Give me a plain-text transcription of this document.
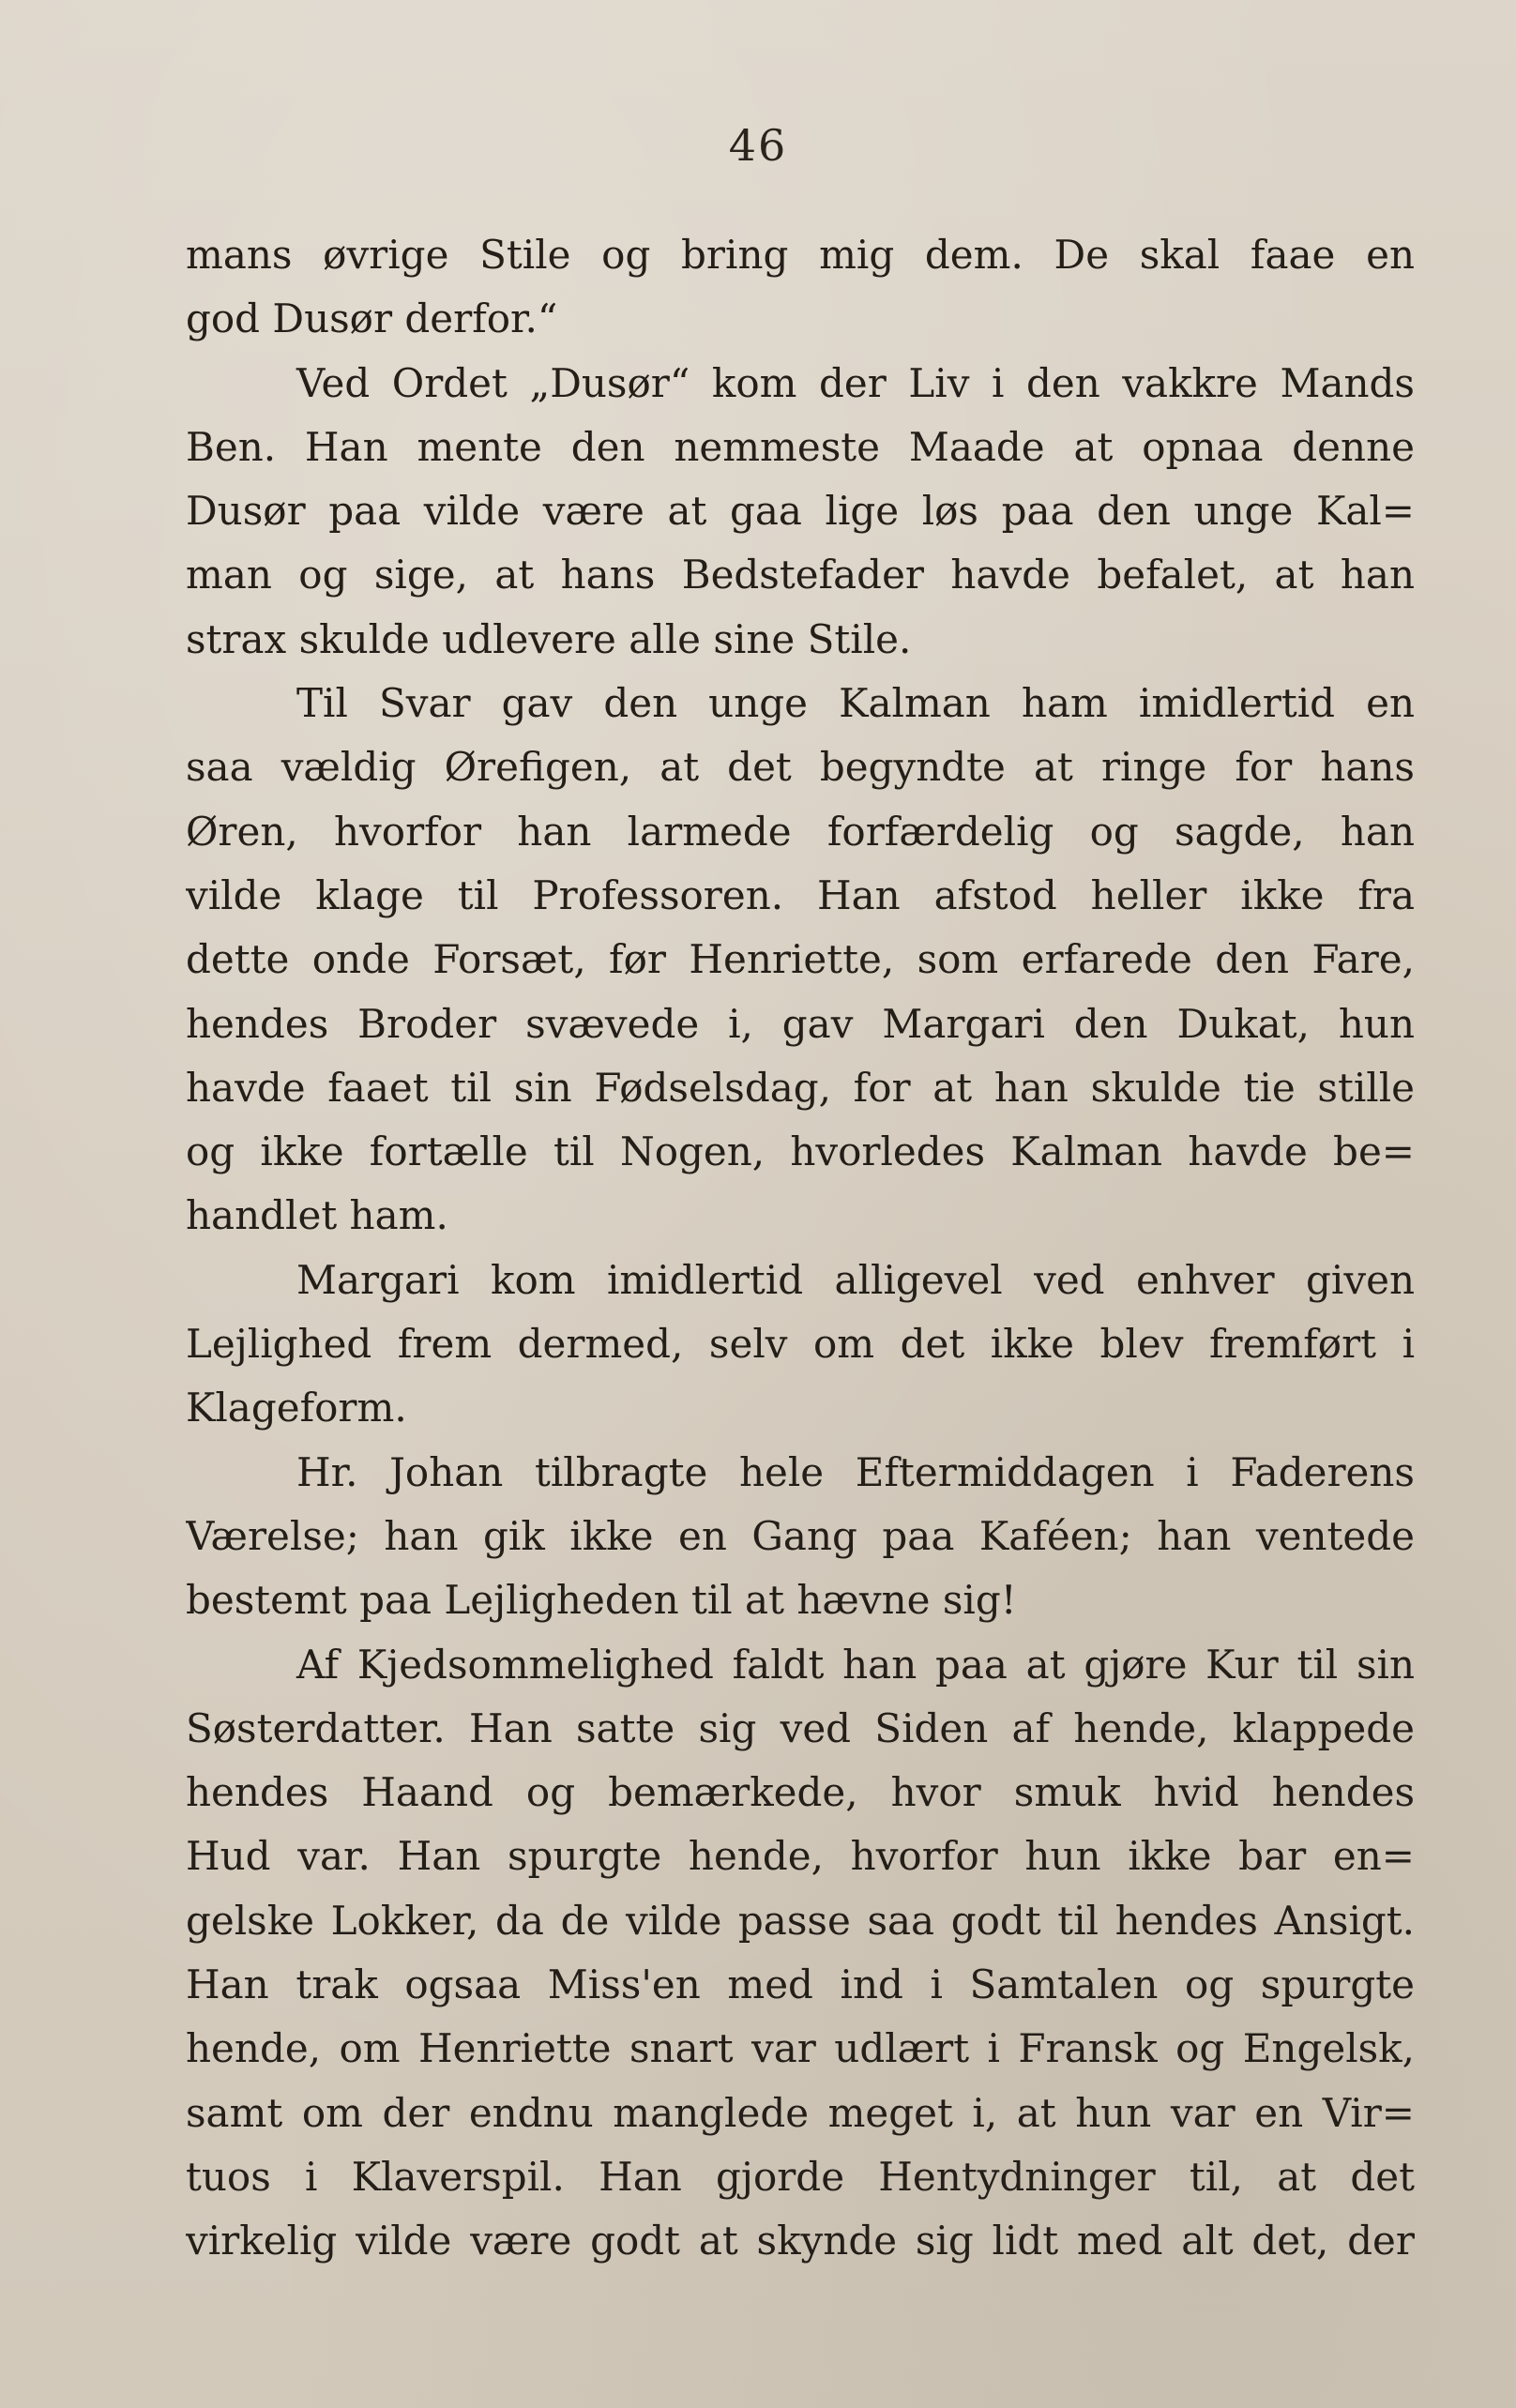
46
mans øvrige Stile og bring mig dem. De skal faae en
god Dusør derfor.“
Ved Ordet „Dusør“ kom der Liv i den vakkre Mands
Ben. Han mente den nemmeste Maade at opnaa denne
Dusør paa vilde være at gaa lige løs paa den unge Kal=
man og sige, at hans Bedstefader havde befalet, at han
strax skulde udlevere alle sine Stile.
Til Svar gav den unge Kalman ham imidlertid en
saa vældig Ørefigen, at det begyndte at ringe for hans
Øren, hvorfor han larmede forfærdelig og sagde, han
vilde klage til Professoren. Han afstod heller ikke fra
dette onde Forsæt, før Henriette, som erfarede den Fare,
hendes Broder svævede i, gav Margari den Dukat, hun
havde faaet til sin Fødselsdag, for at han skulde tie stille
og ikke fortælle til Nogen, hvorledes Kalman havde be=
handlet ham.
Margari kom imidlertid alligevel ved enhver given
Lejlighed frem dermed, selv om det ikke blev fremført i
Klageform.
Hr. Johan tilbragte hele Eftermiddagen i Faderens
Værelse; han gik ikke en Gang paa Kaféen; han ventede
bestemt paa Lejligheden til at hævne sig!
Af Kjedsommelighed faldt han paa at gjøre Kur til sin
Søsterdatter. Han satte sig ved Siden af hende, klappede
hendes Haand og bemærkede, hvor smuk hvid hendes
Hud var. Han spurgte hende, hvorfor hun ikke bar en=
gelske Lokker, da de vilde passe saa godt til hendes Ansigt.
Han trak ogsaa Miss'en med ind i Samtalen og spurgte
hende, om Henriette snart var udlært i Fransk og Engelsk,
samt om der endnu manglede meget i, at hun var en Vir=
tuos i Klaverspil. Han gjorde Hentydninger til, at det
virkelig vilde være godt at skynde sig lidt med alt det, der
